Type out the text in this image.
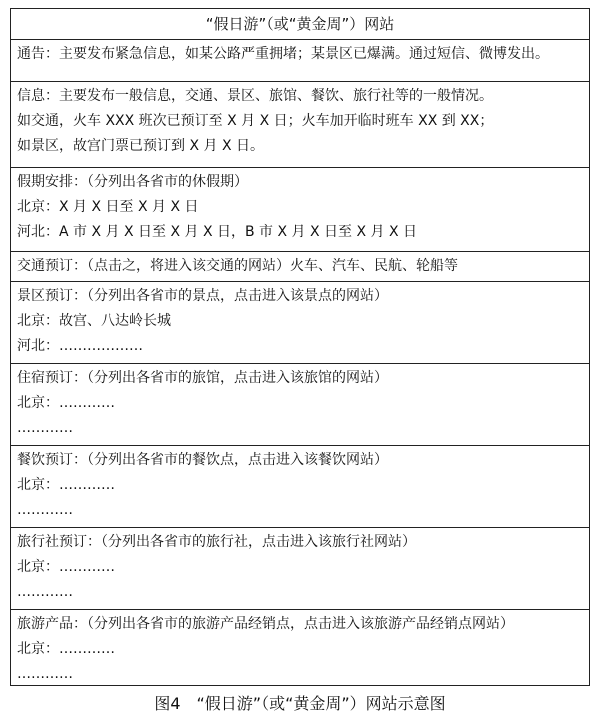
“假日游”（或“黄金周”）网站
通告：主要发布紧急信息，如某公路严重拥堵；某景区已爆满。通过短信、微博发出。
信息：主要发布一般信息，交通、景区、旅馆、餐饮、旅行社等的一般情况。
如交通，火车 XXX 班次已预订至 X 月 X 日；火车加开临时班车 XX 到 XX；
如景区，故宫门票已预订到 X 月 X 日。
假期安排：（分列出各省市的休假期）
北京：X 月 X 日至 X 月 X 日
河北：A 市 X 月 X 日至 X 月 X 日，B 市 X 月 X 日至 X 月 X 日
交通预订：（点击之，将进入该交通的网站）火车、汽车、民航、轮船等
景区预订：（分列出各省市的景点，点击进入该景点的网站）
北京：故宫、八达岭长城
河北：………………
住宿预订：（分列出各省市的旅馆，点击进入该旅馆的网站）
北京：…………
…………
餐饮预订：（分列出各省市的餐饮点，点击进入该餐饮网站）
北京：…………
…………
旅行社预订：（分列出各省市的旅行社，点击进入该旅行社网站）
北京：…………
…………
旅游产品：（分列出各省市的旅游产品经销点，点击进入该旅游产品经销点网站）
北京：…………
…………
图4　“假日游”（或“黄金周”）网站示意图
